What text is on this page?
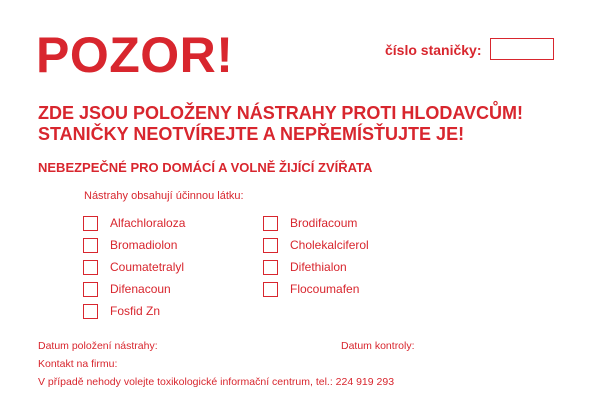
POZOR!	číslo staničky:
ZDE JSOU POLOŽENY NÁSTRAHY PROTI HLODAVCŮM!
STANIČKY NEOTVÍREJTE A NEPŘEMÍSŤUJTE JE!
NEBEZPEČNÉ PRO DOMÁCÍ A VOLNĚ ŽIJÍCÍ ZVÍŘATA
Nástrahy obsahují účinnou látku:
Alfachloraloza
Bromadiolon
Coumatetralyl
Difenacoun
Fosfid Zn
Brodifacoum
Cholekalciferol
Difethialon
Flocoumafen
Datum položení nástrahy:	Datum kontroly:
Kontakt na firmu:
V případě nehody volejte toxikologické informační centrum, tel.: 224 919 293
